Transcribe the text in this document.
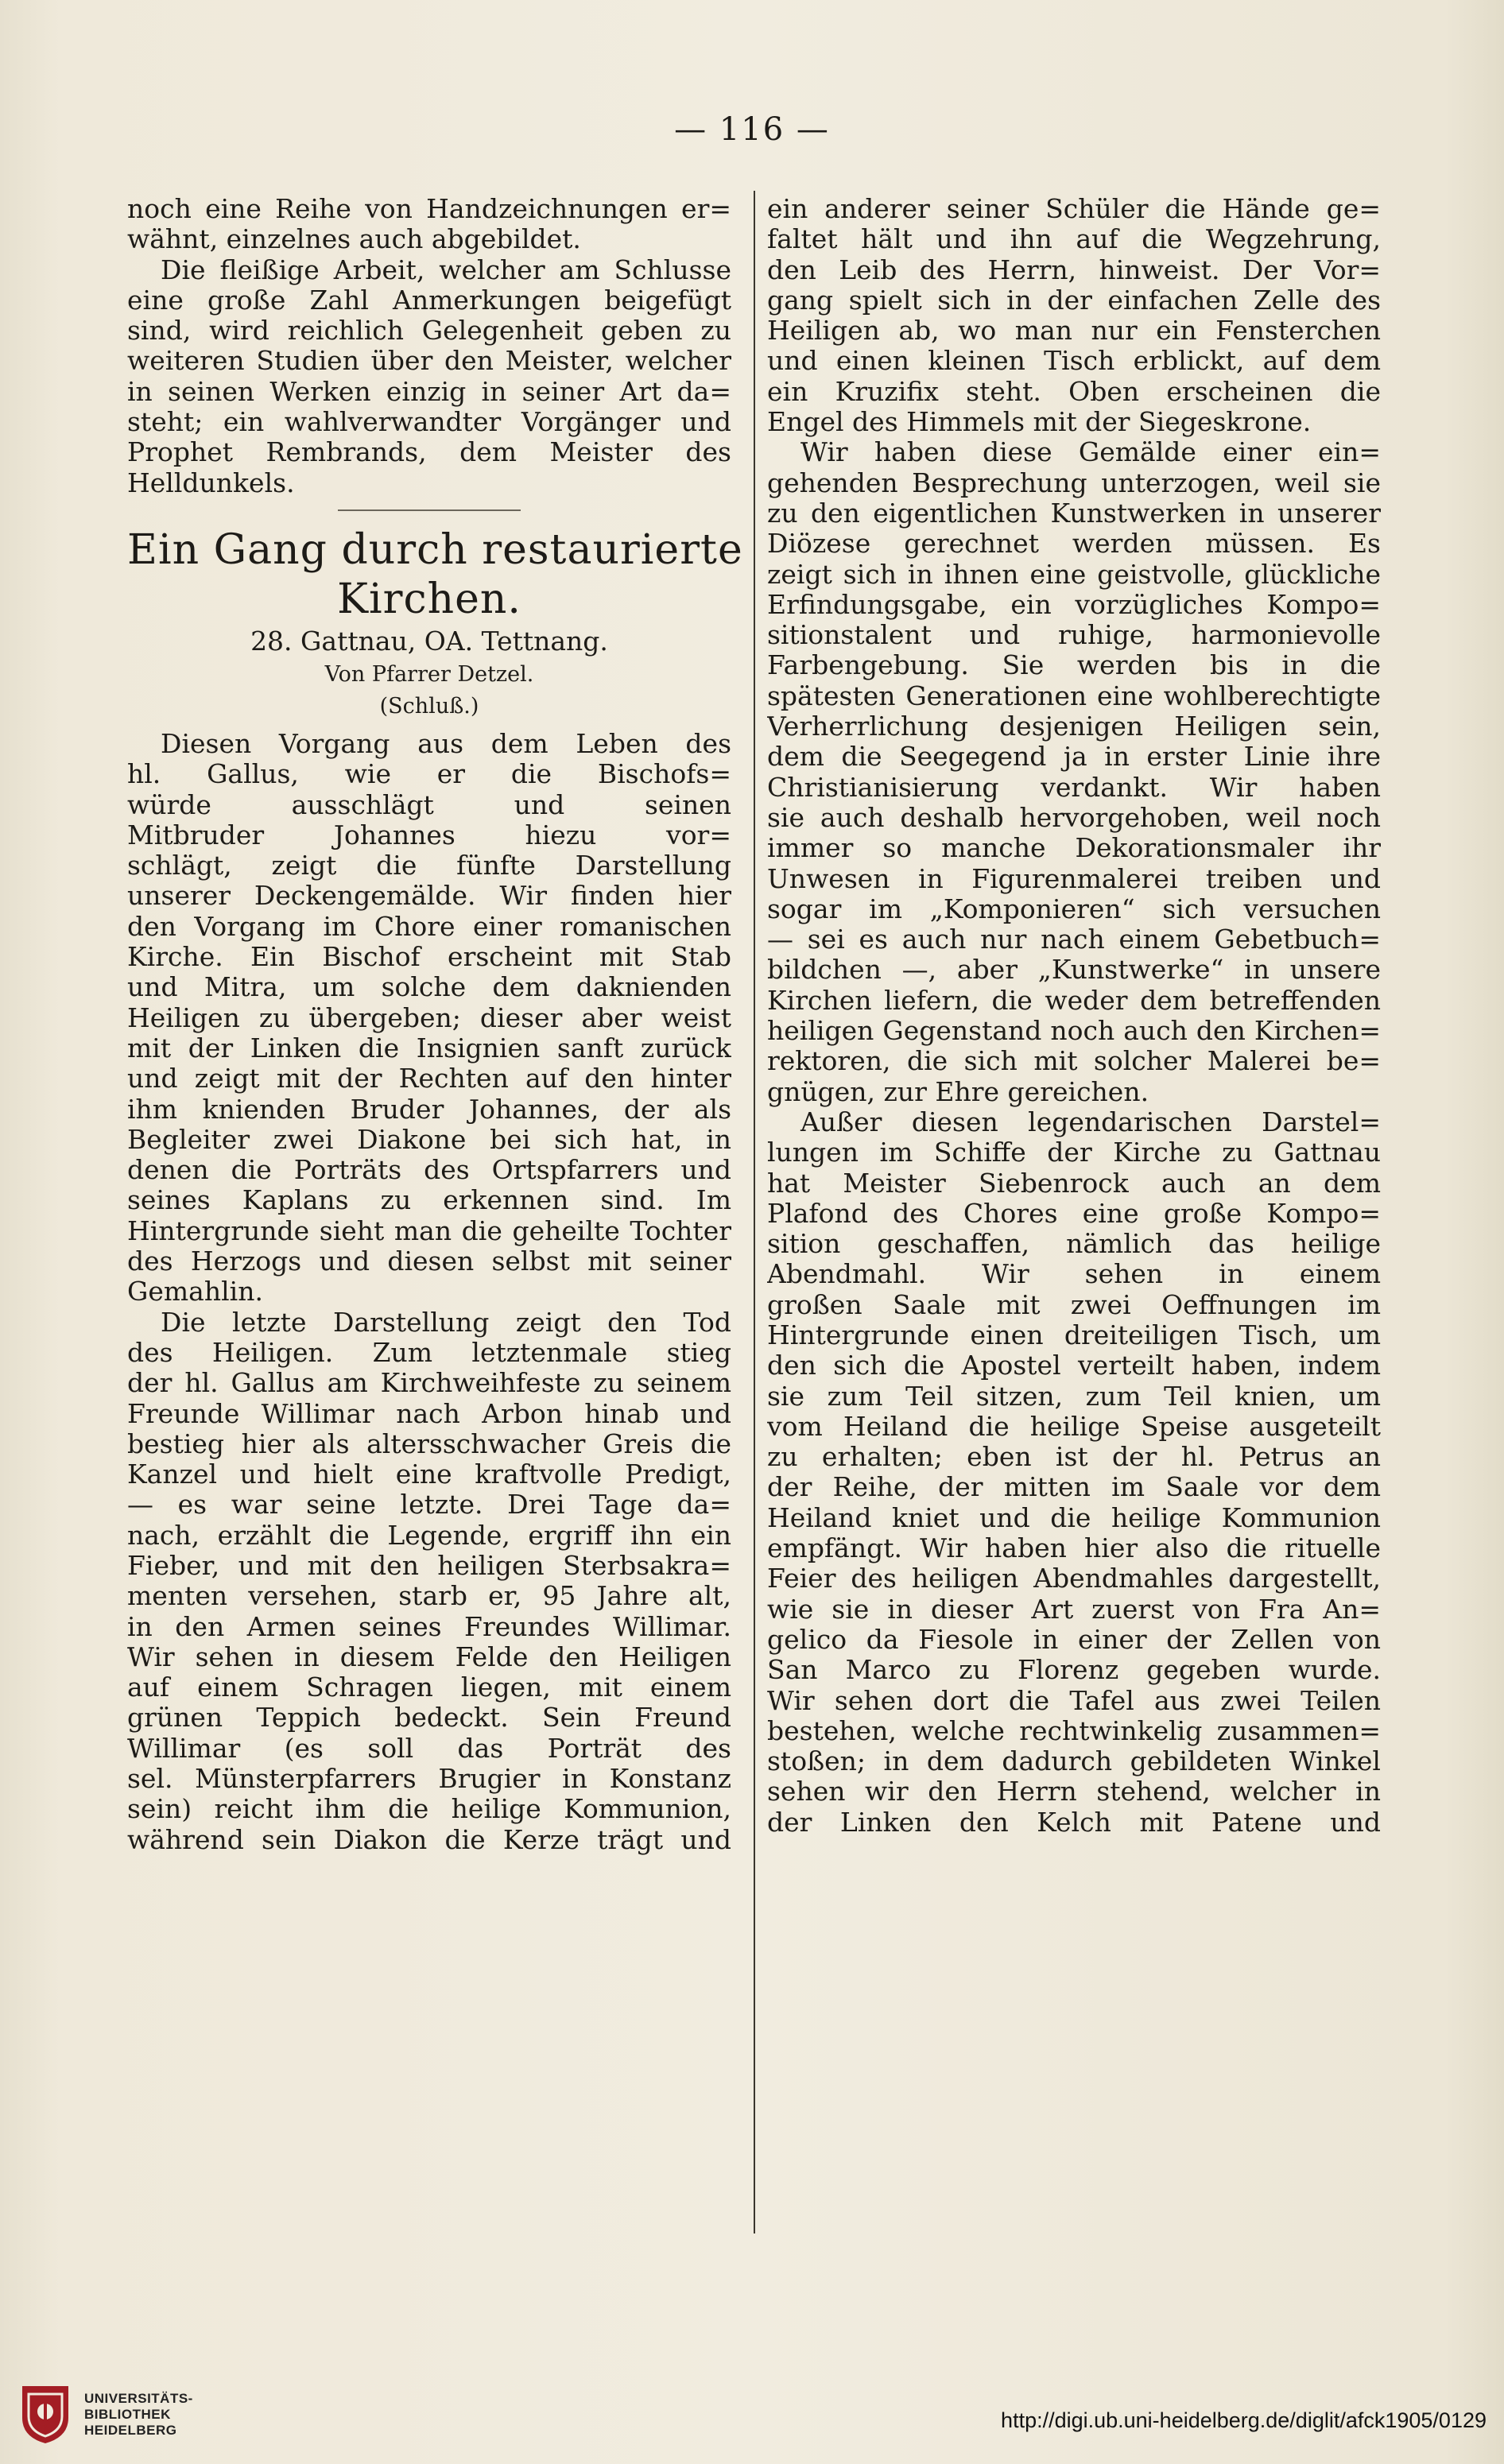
— 116 —
noch eine Reihe von Handzeichnungen er=
wähnt, einzelnes auch abgebildet.
Die fleißige Arbeit, welcher am Schlusse
eine große Zahl Anmerkungen beigefügt
sind, wird reichlich Gelegenheit geben zu
weiteren Studien über den Meister, welcher
in seinen Werken einzig in seiner Art da=
steht; ein wahlverwandter Vorgänger und
Prophet Rembrands, dem Meister des
Helldunkels.
Ein Gang durch restaurierte
Kirchen.
28. Gattnau, OA. Tettnang.
Von Pfarrer Detzel.
(Schluß.)
Diesen Vorgang aus dem Leben des
hl. Gallus, wie er die Bischofs=
würde ausschlägt und seinen
Mitbruder Johannes hiezu vor=
schlägt, zeigt die fünfte Darstellung
unserer Deckengemälde. Wir finden hier
den Vorgang im Chore einer romanischen
Kirche. Ein Bischof erscheint mit Stab
und Mitra, um solche dem daknienden
Heiligen zu übergeben; dieser aber weist
mit der Linken die Insignien sanft zurück
und zeigt mit der Rechten auf den hinter
ihm knienden Bruder Johannes, der als
Begleiter zwei Diakone bei sich hat, in
denen die Porträts des Ortspfarrers und
seines Kaplans zu erkennen sind. Im
Hintergrunde sieht man die geheilte Tochter
des Herzogs und diesen selbst mit seiner
Gemahlin.
Die letzte Darstellung zeigt den Tod
des Heiligen. Zum letztenmale stieg
der hl. Gallus am Kirchweihfeste zu seinem
Freunde Willimar nach Arbon hinab und
bestieg hier als altersschwacher Greis die
Kanzel und hielt eine kraftvolle Predigt,
— es war seine letzte. Drei Tage da=
nach, erzählt die Legende, ergriff ihn ein
Fieber, und mit den heiligen Sterbsakra=
menten versehen, starb er, 95 Jahre alt,
in den Armen seines Freundes Willimar.
Wir sehen in diesem Felde den Heiligen
auf einem Schragen liegen, mit einem
grünen Teppich bedeckt. Sein Freund
Willimar (es soll das Porträt des
sel. Münsterpfarrers Brugier in Konstanz
sein) reicht ihm die heilige Kommunion,
während sein Diakon die Kerze trägt und
ein anderer seiner Schüler die Hände ge=
faltet hält und ihn auf die Wegzehrung,
den Leib des Herrn, hinweist. Der Vor=
gang spielt sich in der einfachen Zelle des
Heiligen ab, wo man nur ein Fensterchen
und einen kleinen Tisch erblickt, auf dem
ein Kruzifix steht. Oben erscheinen die
Engel des Himmels mit der Siegeskrone.
Wir haben diese Gemälde einer ein=
gehenden Besprechung unterzogen, weil sie
zu den eigentlichen Kunstwerken in unserer
Diözese gerechnet werden müssen. Es
zeigt sich in ihnen eine geistvolle, glückliche
Erfindungsgabe, ein vorzügliches Kompo=
sitionstalent und ruhige, harmonievolle
Farbengebung. Sie werden bis in die
spätesten Generationen eine wohlberechtigte
Verherrlichung desjenigen Heiligen sein,
dem die Seegegend ja in erster Linie ihre
Christianisierung verdankt. Wir haben
sie auch deshalb hervorgehoben, weil noch
immer so manche Dekorationsmaler ihr
Unwesen in Figurenmalerei treiben und
sogar im „Komponieren“ sich versuchen
— sei es auch nur nach einem Gebetbuch=
bildchen —, aber „Kunstwerke“ in unsere
Kirchen liefern, die weder dem betreffenden
heiligen Gegenstand noch auch den Kirchen=
rektoren, die sich mit solcher Malerei be=
gnügen, zur Ehre gereichen.
Außer diesen legendarischen Darstel=
lungen im Schiffe der Kirche zu Gattnau
hat Meister Siebenrock auch an dem
Plafond des Chores eine große Kompo=
sition geschaffen, nämlich das heilige
Abendmahl. Wir sehen in einem
großen Saale mit zwei Oeffnungen im
Hintergrunde einen dreiteiligen Tisch, um
den sich die Apostel verteilt haben, indem
sie zum Teil sitzen, zum Teil knien, um
vom Heiland die heilige Speise ausgeteilt
zu erhalten; eben ist der hl. Petrus an
der Reihe, der mitten im Saale vor dem
Heiland kniet und die heilige Kommunion
empfängt. Wir haben hier also die rituelle
Feier des heiligen Abendmahles dargestellt,
wie sie in dieser Art zuerst von Fra An=
gelico da Fiesole in einer der Zellen von
San Marco zu Florenz gegeben wurde.
Wir sehen dort die Tafel aus zwei Teilen
bestehen, welche rechtwinkelig zusammen=
stoßen; in dem dadurch gebildeten Winkel
sehen wir den Herrn stehend, welcher in
der Linken den Kelch mit Patene und
UNIVERSITÄTS-
BIBLIOTHEK
HEIDELBERG	http://digi.ub.uni-heidelberg.de/diglit/afck1905/0129
